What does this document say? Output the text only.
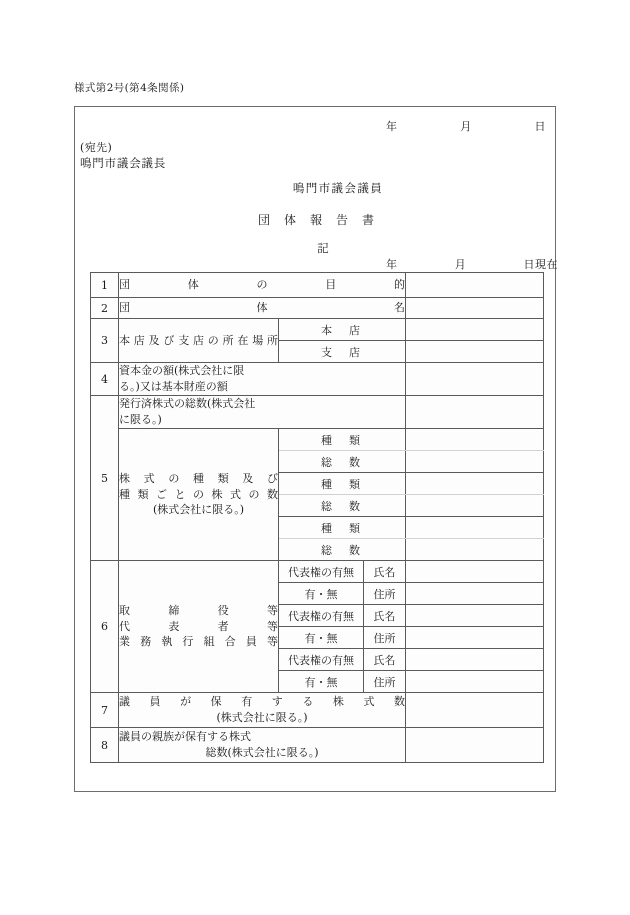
様式第2号(第4条関係)
年	月	日
(宛先)
鳴門市議会議長
鳴門市議会議員
団体報告書
記
年	月	日現在
1	団体の目的			

2	団体名			

3	本店及び支店の所在場所	本　店		
		支　店		
4	資本金の額(株式会社に限
る。)又は基本財産の額			

5	発行済株式の総数(株式会社
に限る。)			

	株式の種類及び
種類ごとの株式の数
(株式会社に限る。)	種　類		
		総　数		
		種　類		
		総　数		
		種　類		
		総　数		
6	取締役等
代表者等
業務執行組合員等	代表権の有無	氏名	
		有・無	住所	
		代表権の有無	氏名	
		有・無	住所	
		代表権の有無	氏名	
		有・無	住所	
7	議員が保有する株式数
(株式会社に限る。)			

8	議員の親族が保有する株式
総数(株式会社に限る。)			
